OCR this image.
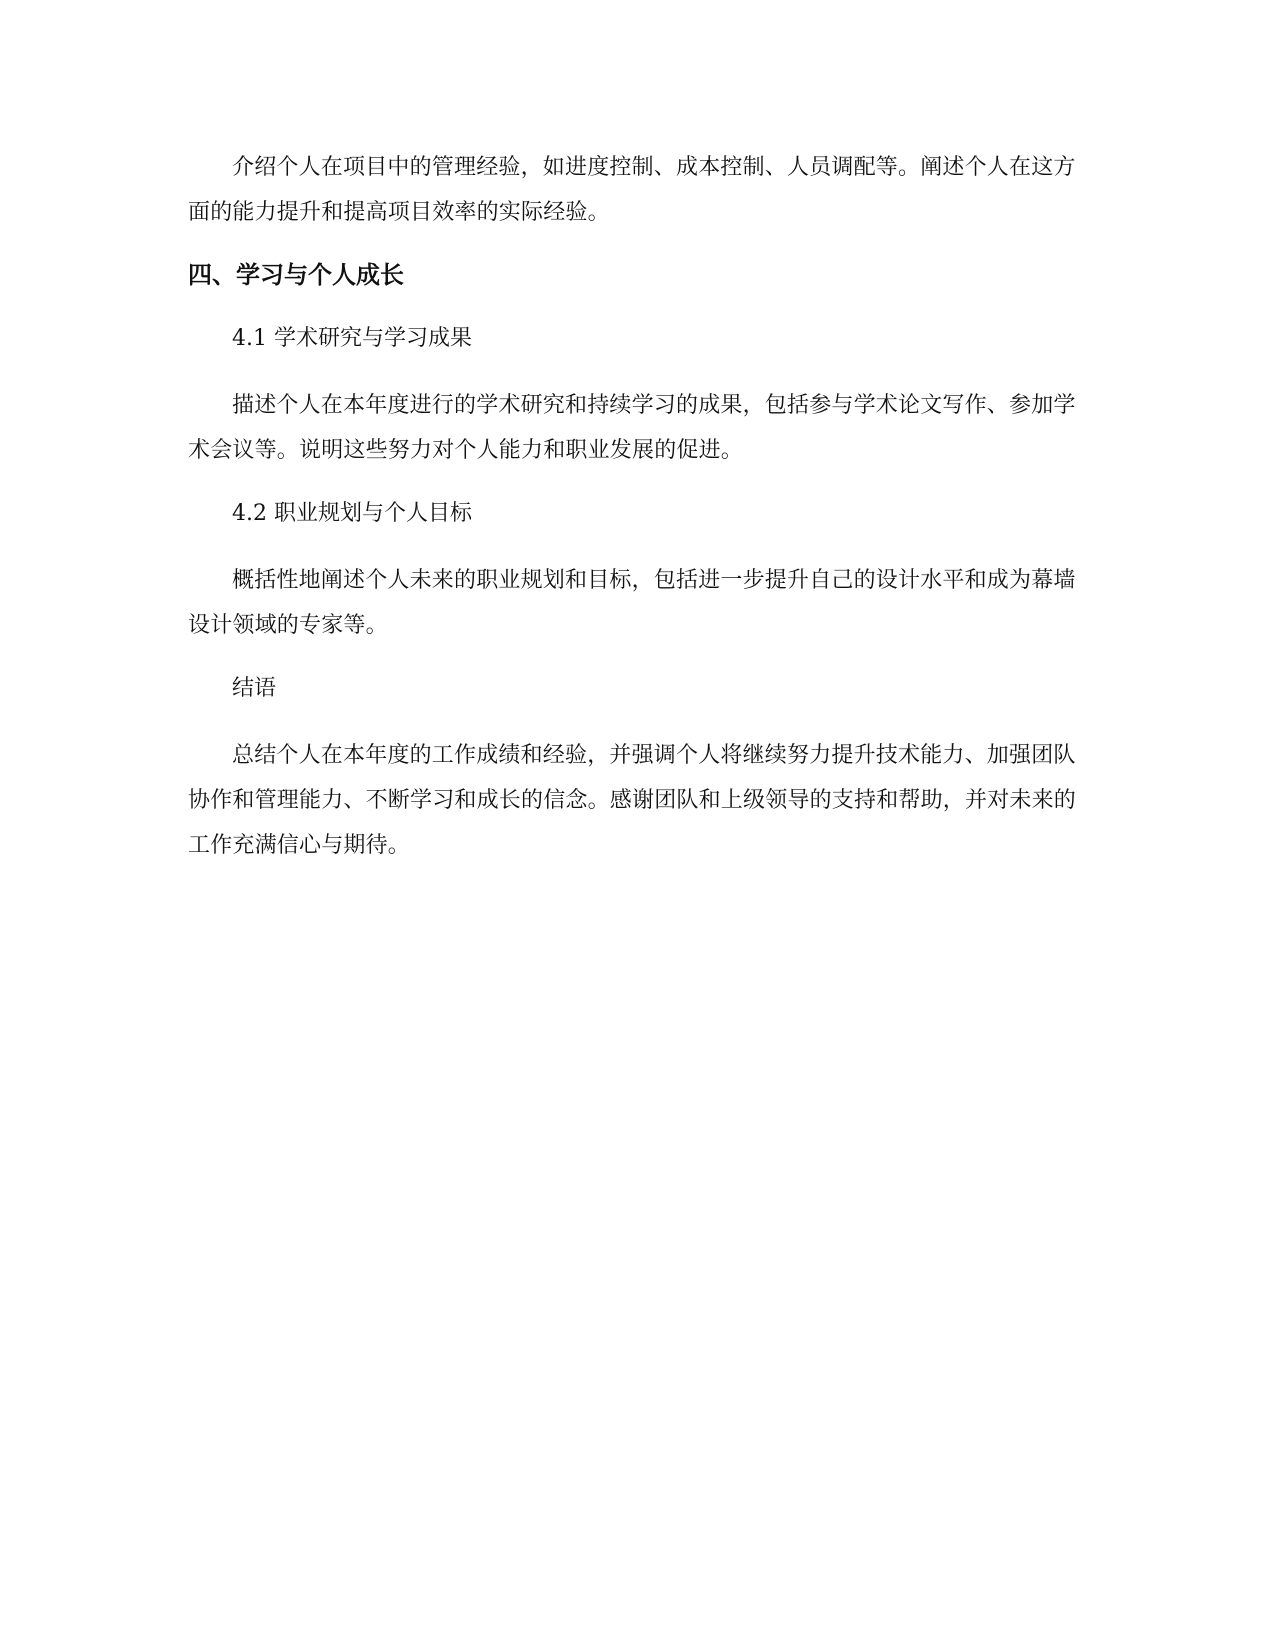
介绍个人在项目中的管理经验，如进度控制、成本控制、人员调配等。阐述个人在这方面的能力提升和提高项目效率的实际经验。

四、学习与个人成长

4.1 学术研究与学习成果

描述个人在本年度进行的学术研究和持续学习的成果，包括参与学术论文写作、参加学术会议等。说明这些努力对个人能力和职业发展的促进。

4.2 职业规划与个人目标

概括性地阐述个人未来的职业规划和目标，包括进一步提升自己的设计水平和成为幕墙设计领域的专家等。

结语

总结个人在本年度的工作成绩和经验，并强调个人将继续努力提升技术能力、加强团队协作和管理能力、不断学习和成长的信念。感谢团队和上级领导的支持和帮助，并对未来的工作充满信心与期待。
